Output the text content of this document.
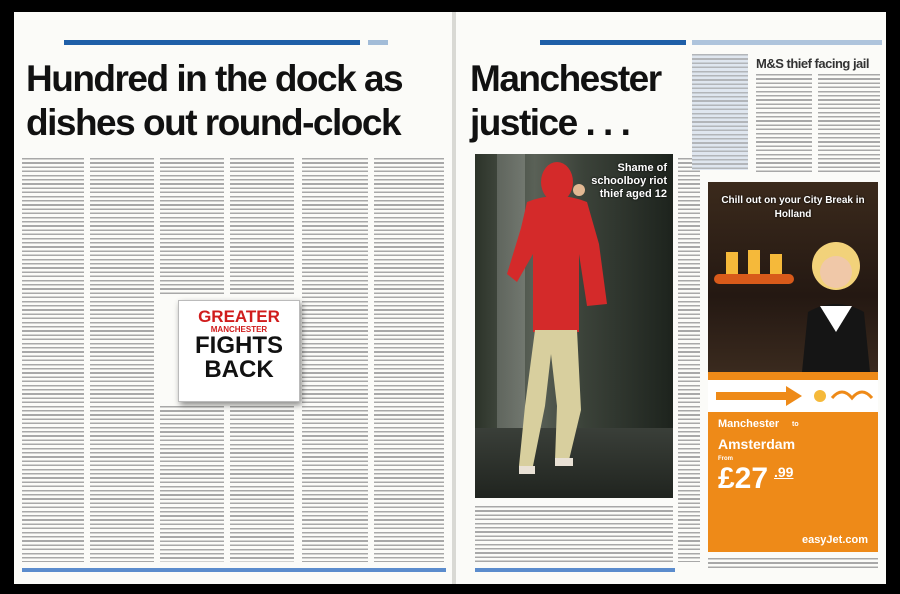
Hundred in the dock as
dishes out round-clock
GREATER
MANCHESTER
FIGHTS
BACK
Manchester
justice . . .
Shame of schoolboy riot thief aged 12
M&S thief facing jail
Chill out on your City Break in Holland
Manchester to
Amsterdam
From
£27 .99
easyJet.com
